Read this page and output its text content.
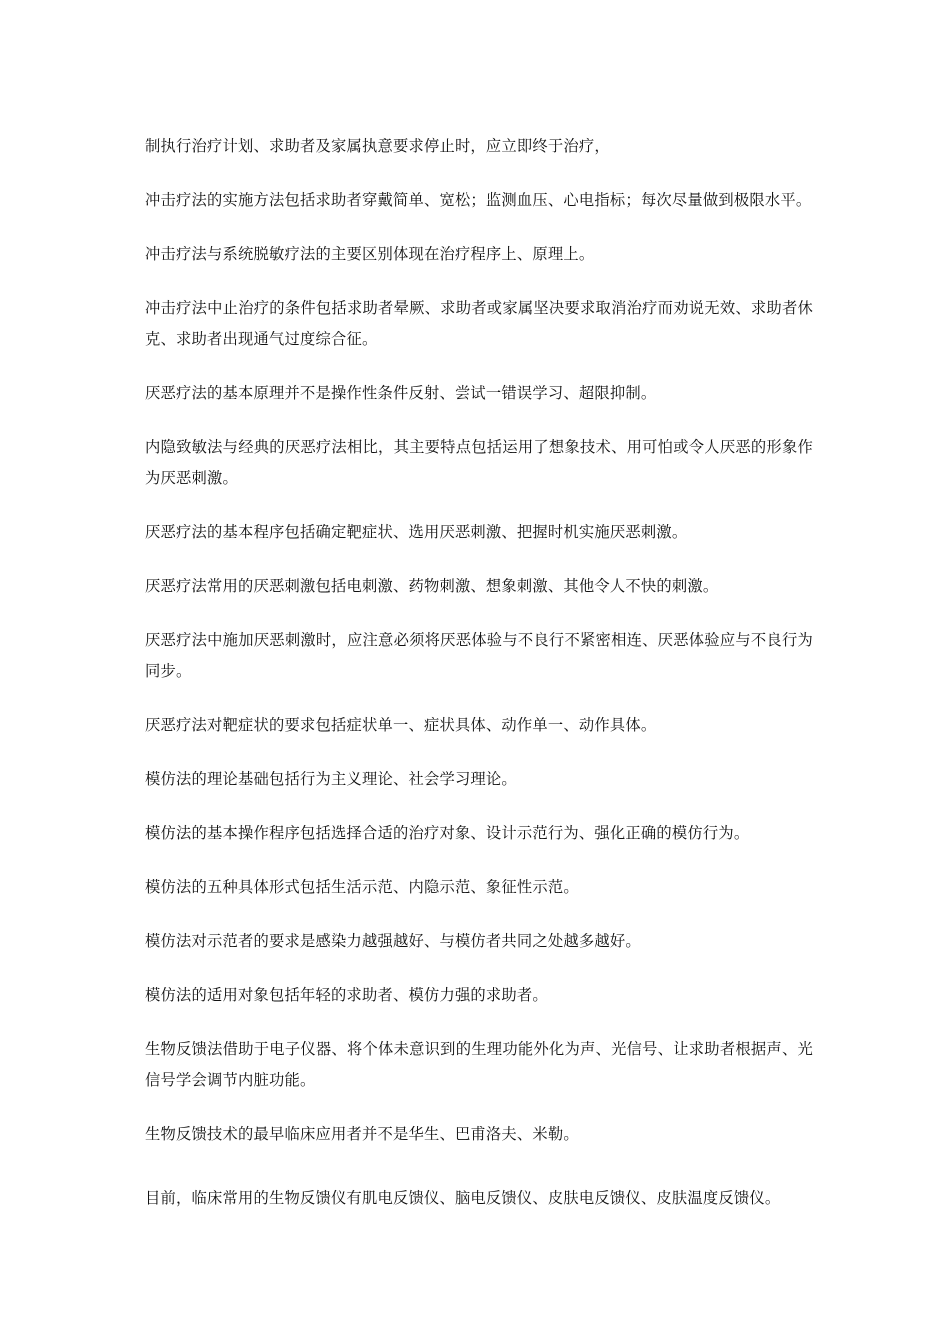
制执行治疗计划、求助者及家属执意要求停止时，应立即终于治疗，

冲击疗法的实施方法包括求助者穿戴简单、宽松；监测血压、心电指标；每次尽量做到极限水平。

冲击疗法与系统脱敏疗法的主要区别体现在治疗程序上、原理上。

冲击疗法中止治疗的条件包括求助者晕厥、求助者或家属坚决要求取消治疗而劝说无效、求助者休克、求助者出现通气过度综合征。

厌恶疗法的基本原理并不是操作性条件反射、尝试一错误学习、超限抑制。

内隐致敏法与经典的厌恶疗法相比，其主要特点包括运用了想象技术、用可怕或令人厌恶的形象作为厌恶刺激。

厌恶疗法的基本程序包括确定靶症状、选用厌恶刺激、把握时机实施厌恶刺激。

厌恶疗法常用的厌恶刺激包括电刺激、药物刺激、想象刺激、其他令人不快的刺激。

厌恶疗法中施加厌恶刺激时，应注意必须将厌恶体验与不良行不紧密相连、厌恶体验应与不良行为同步。

厌恶疗法对靶症状的要求包括症状单一、症状具体、动作单一、动作具体。

模仿法的理论基础包括行为主义理论、社会学习理论。

模仿法的基本操作程序包括选择合适的治疗对象、设计示范行为、强化正确的模仿行为。

模仿法的五种具体形式包括生活示范、内隐示范、象征性示范。

模仿法对示范者的要求是感染力越强越好、与模仿者共同之处越多越好。

模仿法的适用对象包括年轻的求助者、模仿力强的求助者。

生物反馈法借助于电子仪器、将个体未意识到的生理功能外化为声、光信号、让求助者根据声、光信号学会调节内脏功能。

生物反馈技术的最早临床应用者并不是华生、巴甫洛夫、米勒。

目前，临床常用的生物反馈仪有肌电反馈仪、脑电反馈仪、皮肤电反馈仪、皮肤温度反馈仪。
